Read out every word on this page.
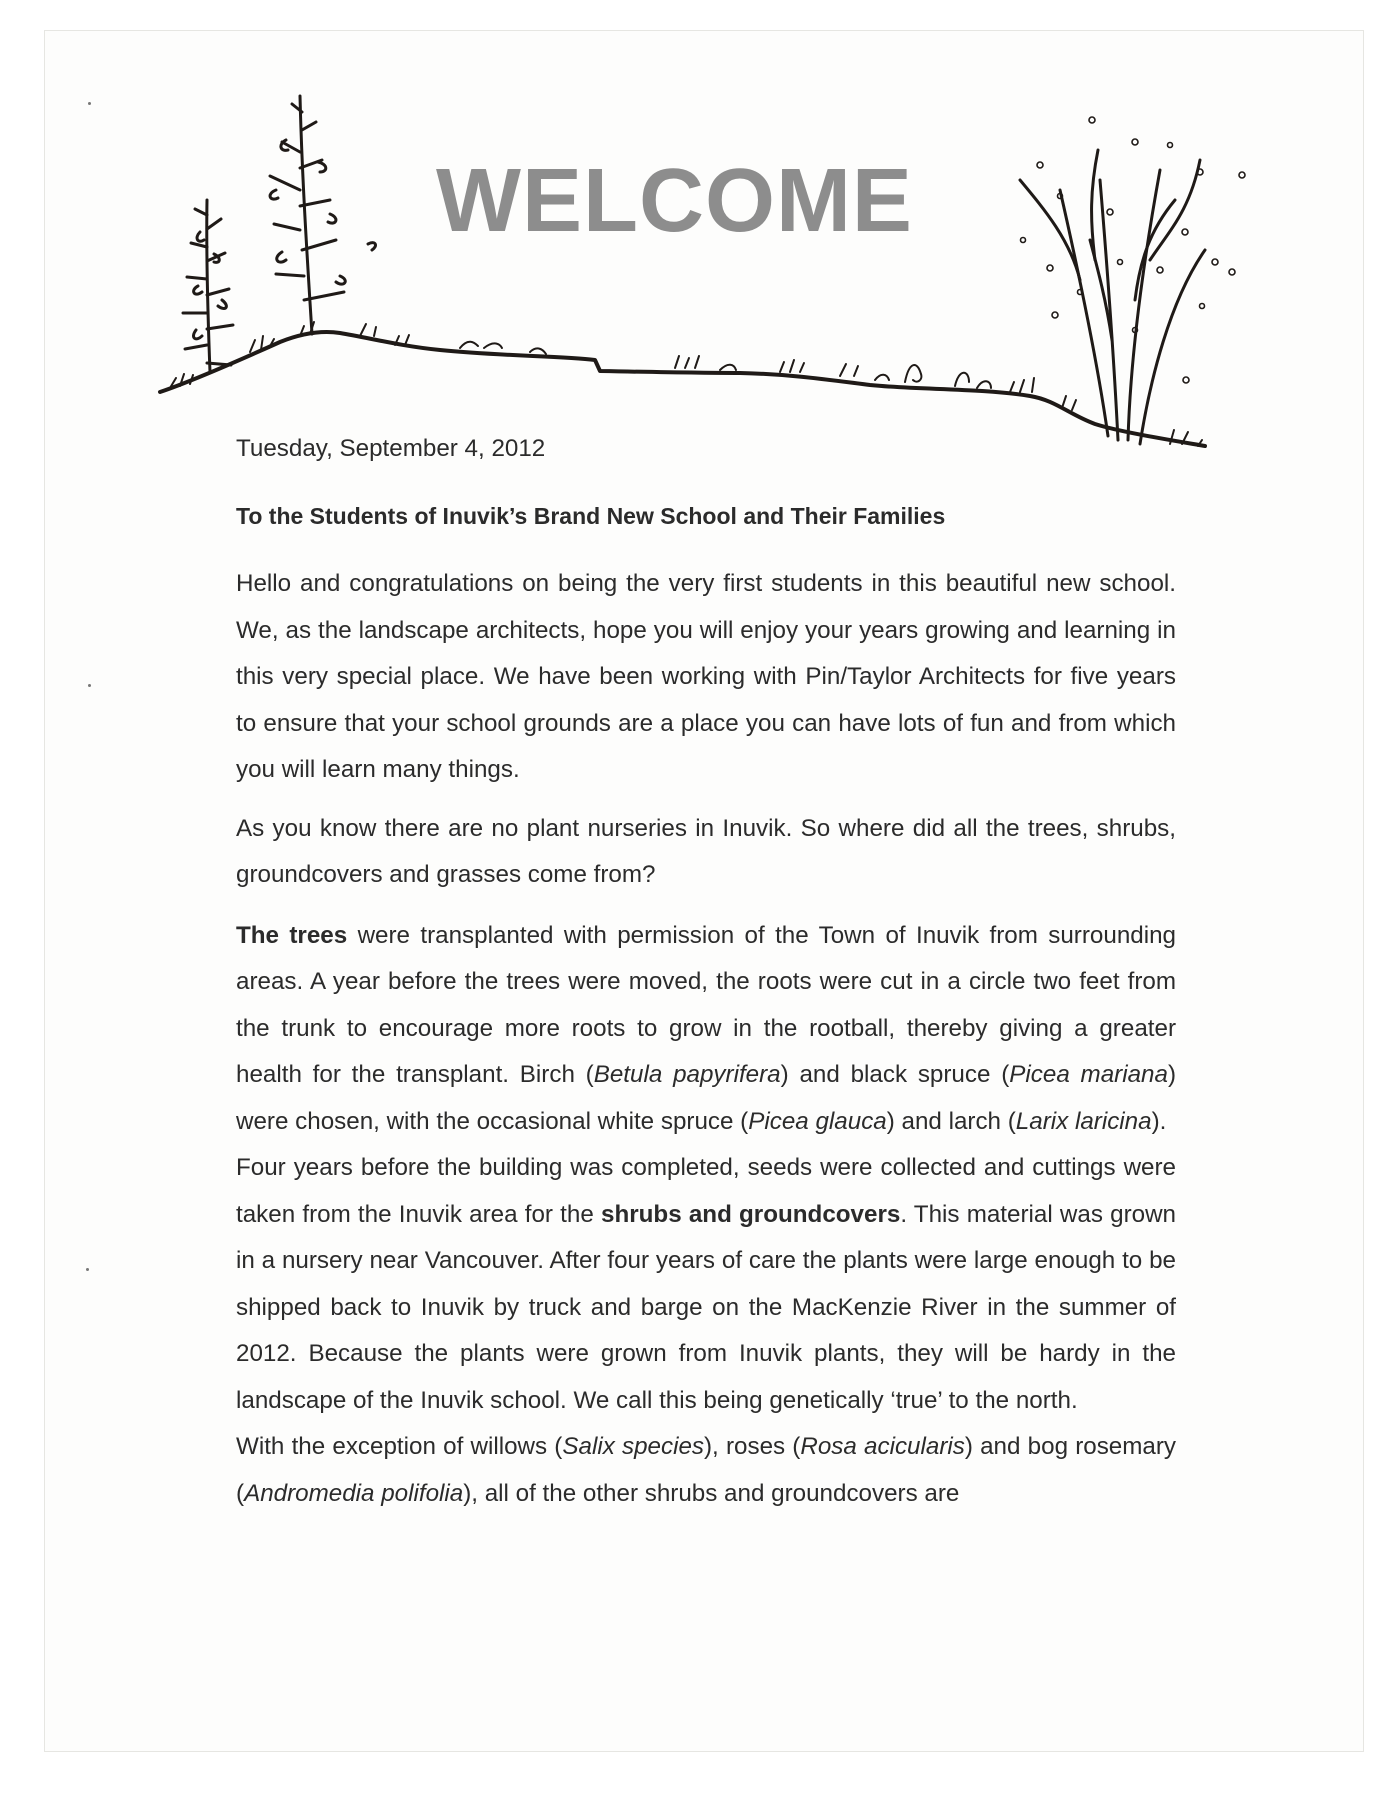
WELCOME

Tuesday, September 4, 2012

To the Students of Inuvik’s Brand New School and Their Families

Hello and congratulations on being the very first students in this beautiful new school. We, as the landscape architects, hope you will enjoy your years growing and learning in this very special place. We have been working with Pin/Taylor Architects for five years to ensure that your school grounds are a place you can have lots of fun and from which you will learn many things.

As you know there are no plant nurseries in Inuvik. So where did all the trees, shrubs, groundcovers and grasses come from?

The trees were transplanted with permission of the Town of Inuvik from surrounding areas. A year before the trees were moved, the roots were cut in a circle two feet from the trunk to encourage more roots to grow in the rootball, thereby giving a greater health for the transplant. Birch (Betula papyrifera) and black spruce (Picea mariana) were chosen, with the occasional white spruce (Picea glauca) and larch (Larix laricina).

Four years before the building was completed, seeds were collected and cuttings were taken from the Inuvik area for the shrubs and groundcovers. This material was grown in a nursery near Vancouver. After four years of care the plants were large enough to be shipped back to Inuvik by truck and barge on the MacKenzie River in the summer of 2012. Because the plants were grown from Inuvik plants, they will be hardy in the landscape of the Inuvik school. We call this being genetically ‘true’ to the north.

With the exception of willows (Salix species), roses (Rosa acicularis) and bog rosemary (Andromedia polifolia), all of the other shrubs and groundcovers are
